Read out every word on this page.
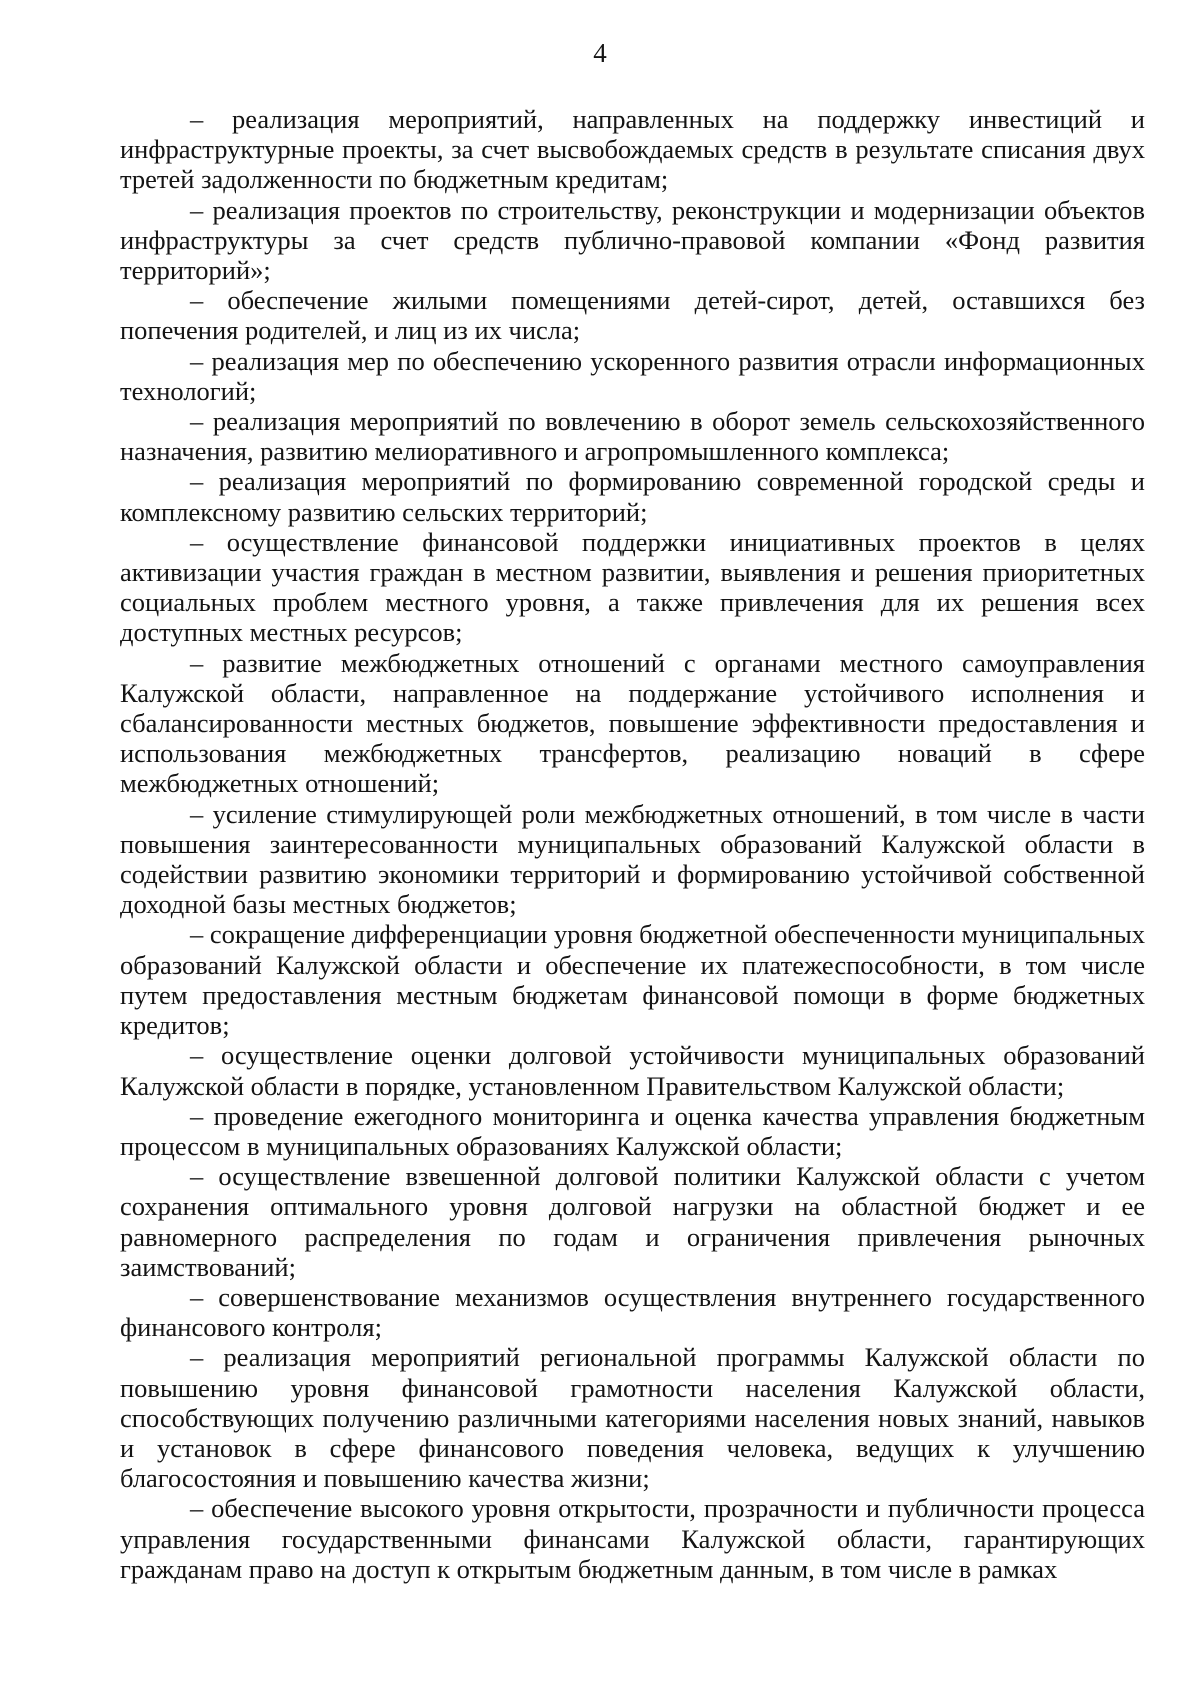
4

– реализация мероприятий, направленных на поддержку инвестиций и инфраструктурные проекты, за счет высвобождаемых средств в результате списания двух третей задолженности по бюджетным кредитам;

– реализация проектов по строительству, реконструкции и модернизации объектов инфраструктуры за счет средств публично-правовой компании «Фонд развития территорий»;

– обеспечение жилыми помещениями детей-сирот, детей, оставшихся без попечения родителей, и лиц из их числа;

– реализация мер по обеспечению ускоренного развития отрасли информационных технологий;

– реализация мероприятий по вовлечению в оборот земель сельскохозяйственного назначения, развитию мелиоративного и агропромышленного комплекса;

– реализация мероприятий по формированию современной городской среды и комплексному развитию сельских территорий;

– осуществление финансовой поддержки инициативных проектов в целях активизации участия граждан в местном развитии, выявления и решения приоритетных социальных проблем местного уровня, а также привлечения для их решения всех доступных местных ресурсов;

– развитие межбюджетных отношений с органами местного самоуправления Калужской области, направленное на поддержание устойчивого исполнения и сбалансированности местных бюджетов, повышение эффективности предоставления и использования межбюджетных трансфертов, реализацию новаций в сфере межбюджетных отношений;

– усиление стимулирующей роли межбюджетных отношений, в том числе в части повышения заинтересованности муниципальных образований Калужской области в содействии развитию экономики территорий и формированию устойчивой собственной доходной базы местных бюджетов;

– сокращение дифференциации уровня бюджетной обеспеченности муниципальных образований Калужской области и обеспечение их платежеспособности, в том числе путем предоставления местным бюджетам финансовой помощи в форме бюджетных кредитов;

– осуществление оценки долговой устойчивости муниципальных образований Калужской области в порядке, установленном Правительством Калужской области;

– проведение ежегодного мониторинга и оценка качества управления бюджетным процессом в муниципальных образованиях Калужской области;

– осуществление взвешенной долговой политики Калужской области с учетом сохранения оптимального уровня долговой нагрузки на областной бюджет и ее равномерного распределения по годам и ограничения привлечения рыночных заимствований;

– совершенствование механизмов осуществления внутреннего государственного финансового контроля;

– реализация мероприятий региональной программы Калужской области по повышению уровня финансовой грамотности населения Калужской области, способствующих получению различными категориями населения новых знаний, навыков и установок в сфере финансового поведения человека, ведущих к улучшению благосостояния и повышению качества жизни;

– обеспечение высокого уровня открытости, прозрачности и публичности процесса управления государственными финансами Калужской области, гарантирующих гражданам право на доступ к открытым бюджетным данным, в том числе в рамках
